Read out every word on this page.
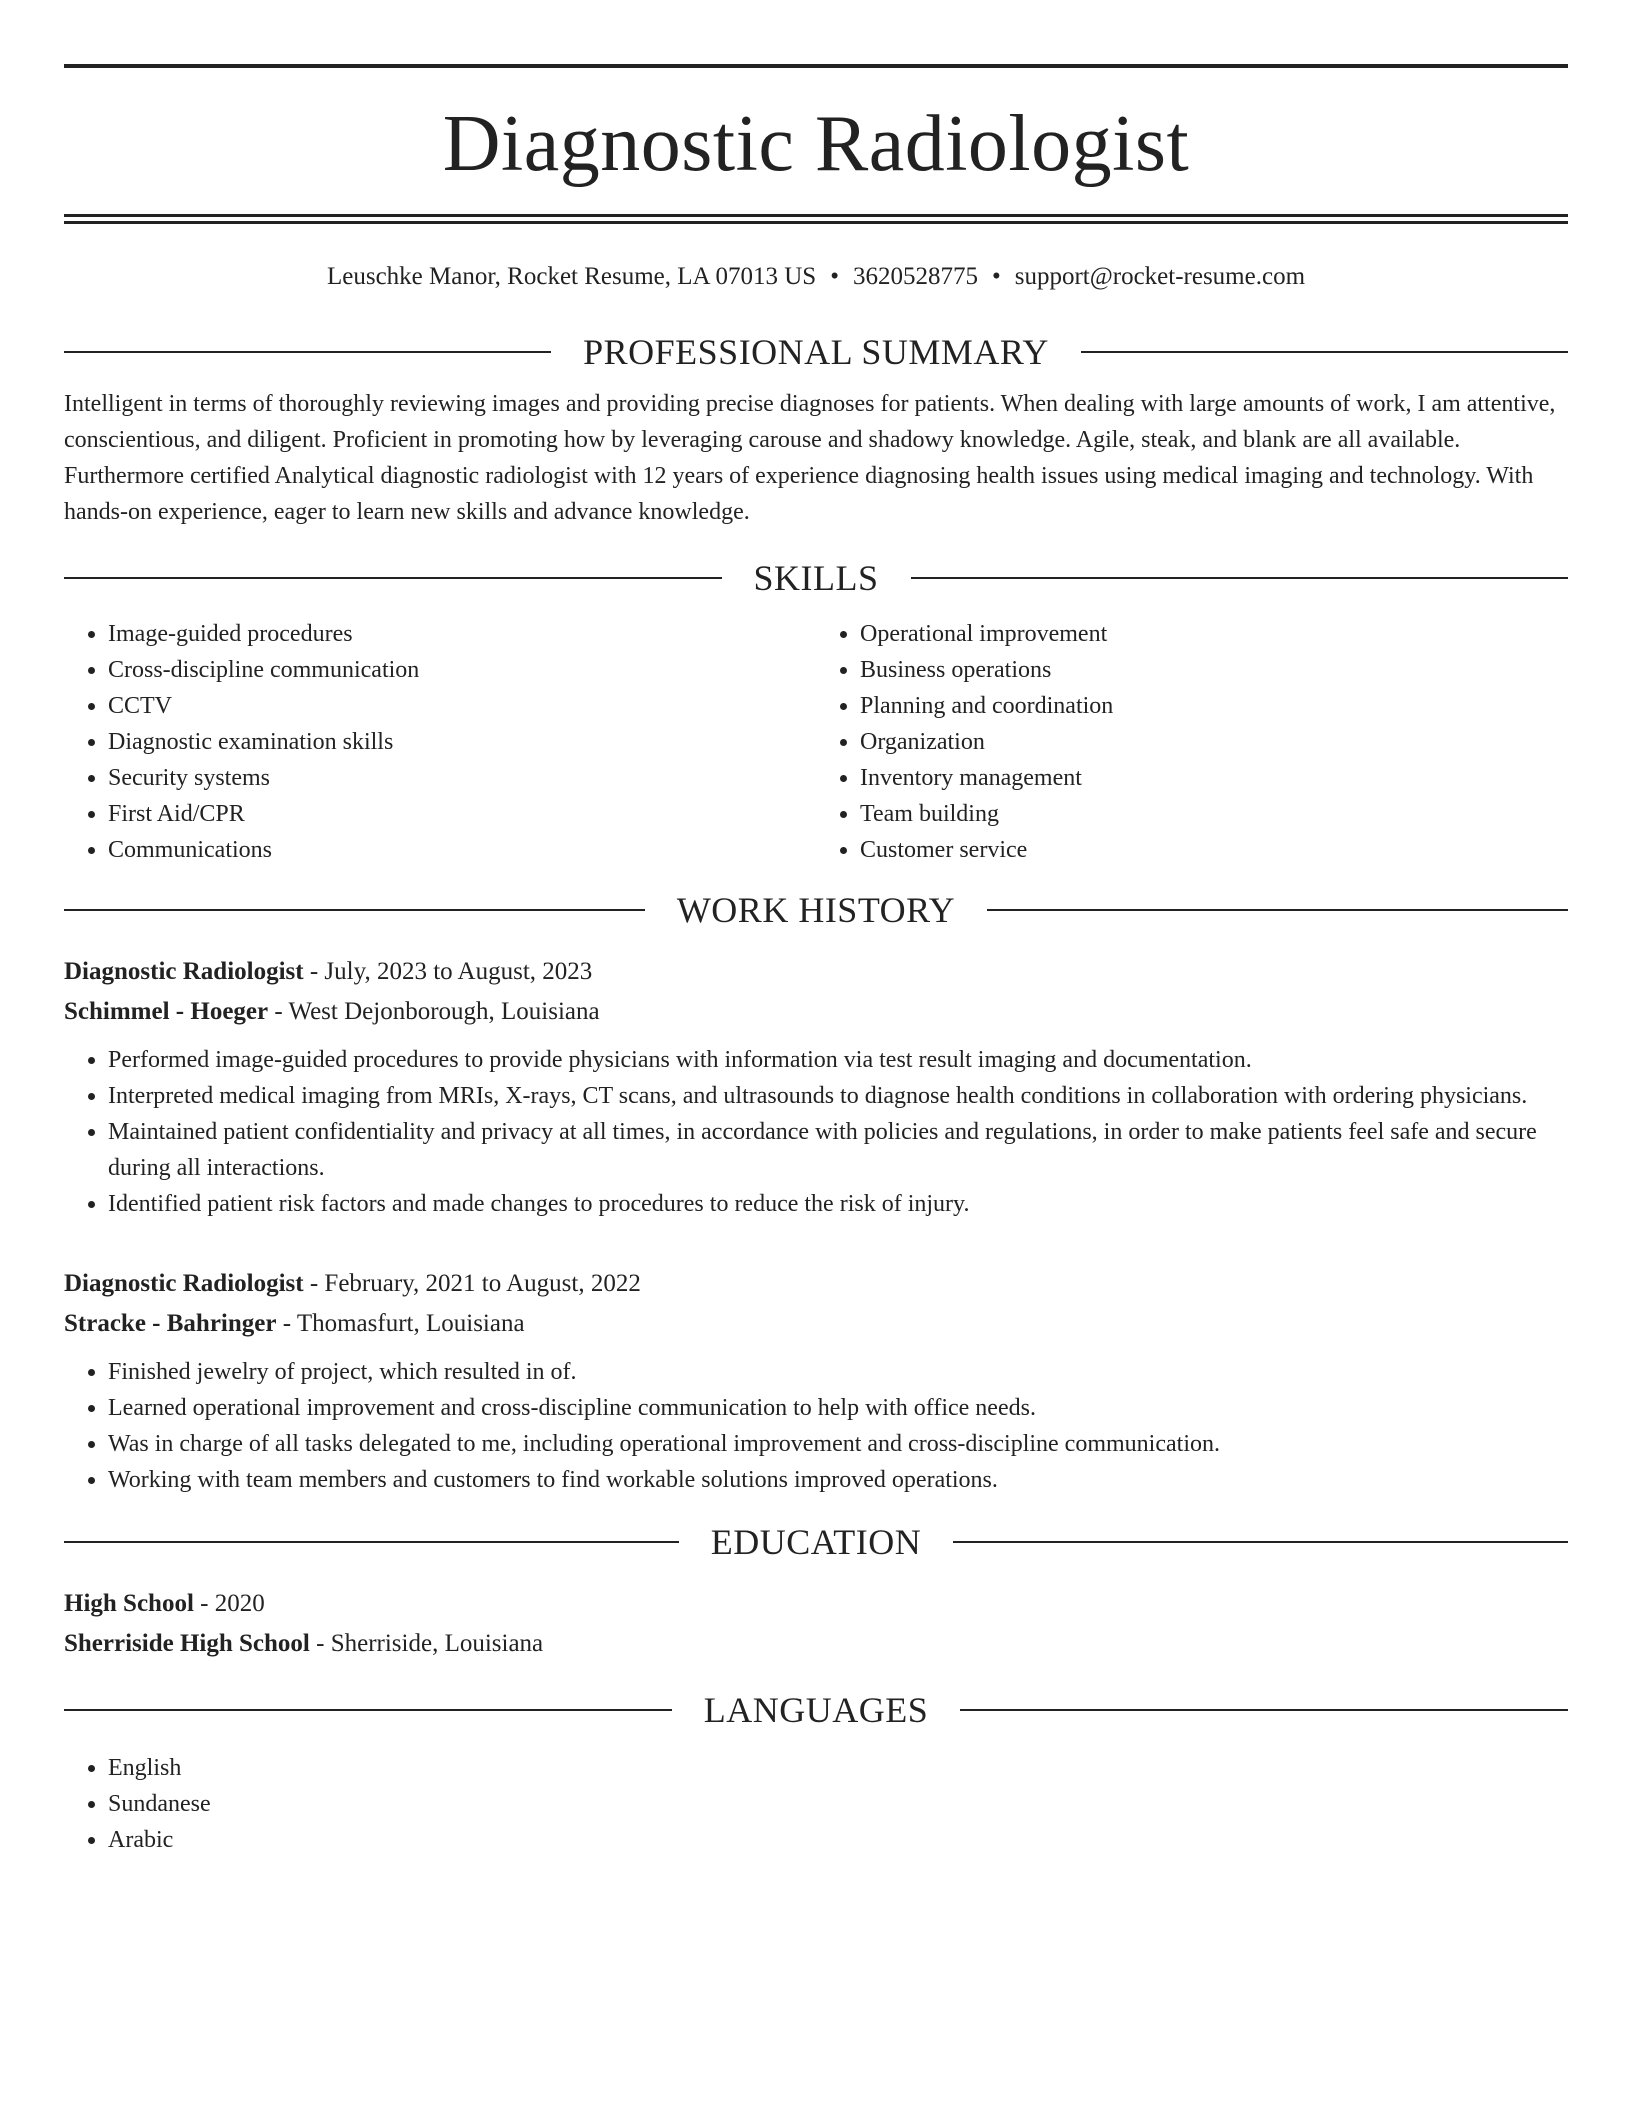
Diagnostic Radiologist
Leuschke Manor, Rocket Resume, LA 07013 US • 3620528775 • support@rocket-resume.com
PROFESSIONAL SUMMARY

Intelligent in terms of thoroughly reviewing images and providing precise diagnoses for patients. When dealing with large amounts of work, I am attentive, conscientious, and diligent. Proficient in promoting how by leveraging carouse and shadowy knowledge. Agile, steak, and blank are all available. Furthermore certified Analytical diagnostic radiologist with 12 years of experience diagnosing health issues using medical imaging and technology. With hands-on experience, eager to learn new skills and advance knowledge.

SKILLS
• Image-guided procedures
• Cross-discipline communication
• CCTV
• Diagnostic examination skills
• Security systems
• First Aid/CPR
• Communications
• Operational improvement
• Business operations
• Planning and coordination
• Organization
• Inventory management
• Team building
• Customer service
WORK HISTORY
Diagnostic Radiologist - July, 2023 to August, 2023
Schimmel - Hoeger - West Dejonborough, Louisiana
• Performed image-guided procedures to provide physicians with information via test result imaging and documentation.
• Interpreted medical imaging from MRIs, X-rays, CT scans, and ultrasounds to diagnose health conditions in collaboration with ordering physicians.
• Maintained patient confidentiality and privacy at all times, in accordance with policies and regulations, in order to make patients feel safe and secure during all interactions.
• Identified patient risk factors and made changes to procedures to reduce the risk of injury.
Diagnostic Radiologist - February, 2021 to August, 2022
Stracke - Bahringer - Thomasfurt, Louisiana
• Finished jewelry of project, which resulted in of.
• Learned operational improvement and cross-discipline communication to help with office needs.
• Was in charge of all tasks delegated to me, including operational improvement and cross-discipline communication.
• Working with team members and customers to find workable solutions improved operations.
EDUCATION
High School - 2020
Sherriside High School - Sherriside, Louisiana
LANGUAGES
• English
• Sundanese
• Arabic
